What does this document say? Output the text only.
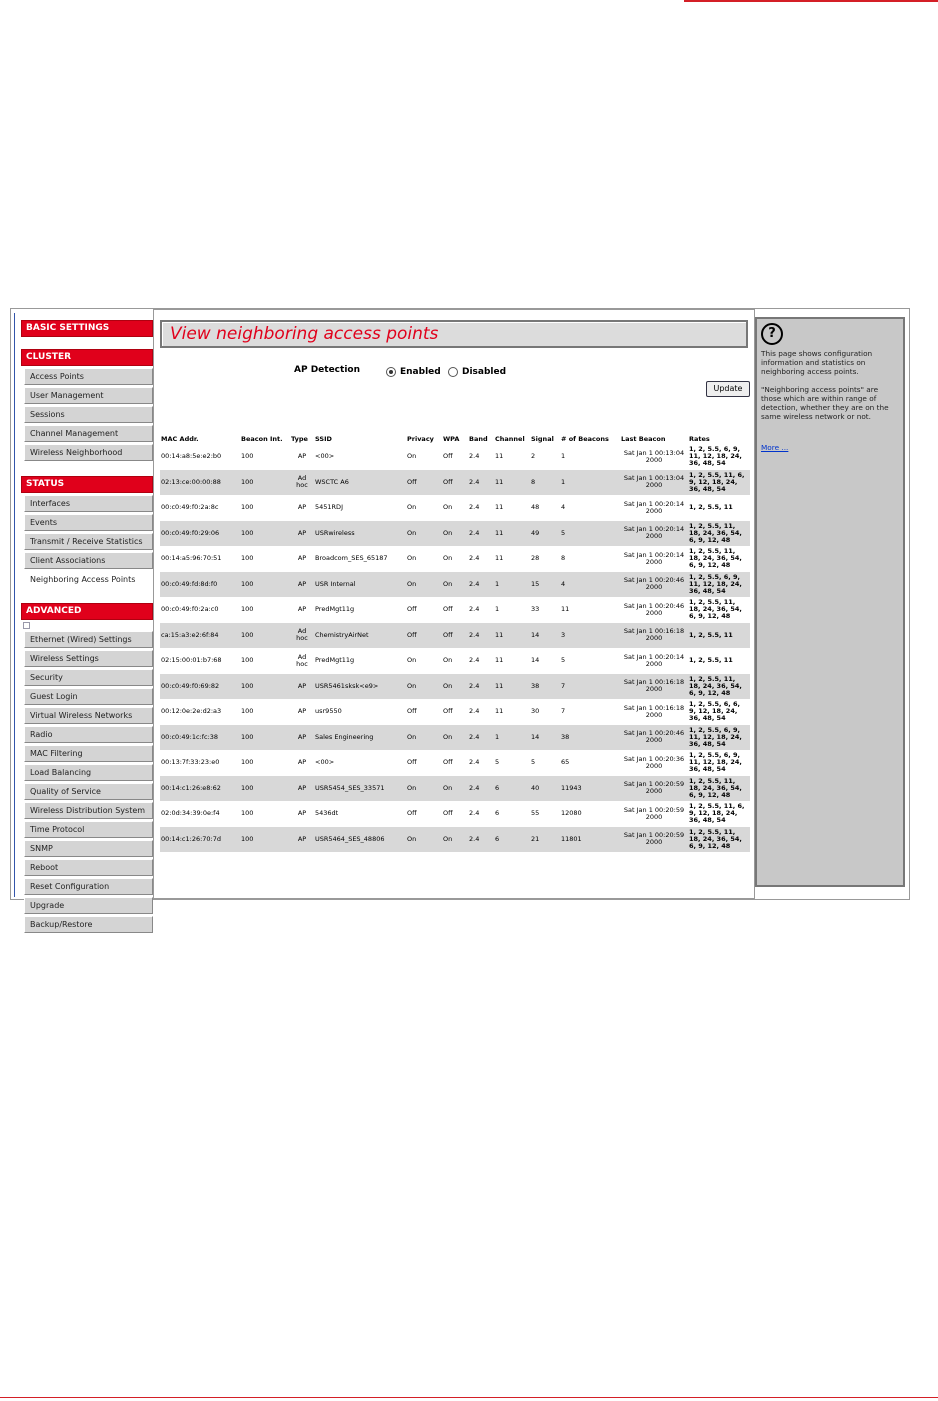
BASIC SETTINGS
CLUSTER
Access Points
User Management
Sessions
Channel Management
Wireless Neighborhood
STATUS
Interfaces
Events
Transmit / Receive Statistics
Client Associations
Neighboring Access Points
ADVANCED
Ethernet (Wired) Settings
Wireless Settings
Security
Guest Login
Virtual Wireless Networks
Radio
MAC Filtering
Load Balancing
Quality of Service
Wireless Distribution System
Time Protocol
SNMP
Reboot
Reset Configuration
Upgrade
Backup/Restore
View neighboring access points
AP Detection	Enabled Disabled
Update
MAC Addr.	Beacon Int.	Type	SSID	Privacy	WPA	Band	Channel	Signal	# of Beacons	Last Beacon	Rates
00:14:a8:5e:e2:b0	100	AP	<00>	On	Off	2.4	11	2	1	Sat Jan 1 00:13:04 2000	1, 2, 5.5, 6, 9, 11, 12, 18, 24, 36, 48, 54
02:13:ce:00:00:88	100	Ad hoc	WSCTC A6	Off	Off	2.4	11	8	1	Sat Jan 1 00:13:04 2000	1, 2, 5.5, 11, 6, 9, 12, 18, 24, 36, 48, 54
00:c0:49:f0:2a:8c	100	AP	5451RDJ	On	On	2.4	11	48	4	Sat Jan 1 00:20:14 2000	1, 2, 5.5, 11
00:c0:49:f0:29:06	100	AP	USRwireless	On	On	2.4	11	49	5	Sat Jan 1 00:20:14 2000	1, 2, 5.5, 11, 18, 24, 36, 54, 6, 9, 12, 48
00:14:a5:96:70:51	100	AP	Broadcom_SES_65187	On	On	2.4	11	28	8	Sat Jan 1 00:20:14 2000	1, 2, 5.5, 11, 18, 24, 36, 54, 6, 9, 12, 48
00:c0:49:fd:8d:f0	100	AP	USR Internal	On	On	2.4	1	15	4	Sat Jan 1 00:20:46 2000	1, 2, 5.5, 6, 9, 11, 12, 18, 24, 36, 48, 54
00:c0:49:f0:2a:c0	100	AP	PredMgt11g	Off	Off	2.4	1	33	11	Sat Jan 1 00:20:46 2000	1, 2, 5.5, 11, 18, 24, 36, 54, 6, 9, 12, 48
ca:15:a3:e2:6f:84	100	Ad hoc	ChemistryAirNet	Off	Off	2.4	11	14	3	Sat Jan 1 00:16:18 2000	1, 2, 5.5, 11
02:15:00:01:b7:68	100	Ad hoc	PredMgt11g	On	On	2.4	11	14	5	Sat Jan 1 00:20:14 2000	1, 2, 5.5, 11
00:c0:49:f0:69:82	100	AP	USR5461sksk<e9>	On	On	2.4	11	38	7	Sat Jan 1 00:16:18 2000	1, 2, 5.5, 11, 18, 24, 36, 54, 6, 9, 12, 48
00:12:0e:2e:d2:a3	100	AP	usr9550	Off	Off	2.4	11	30	7	Sat Jan 1 00:16:18 2000	1, 2, 5.5, 6, 6, 9, 12, 18, 24, 36, 48, 54
00:c0:49:1c:fc:38	100	AP	Sales Engineering	On	On	2.4	1	14	38	Sat Jan 1 00:20:46 2000	1, 2, 5.5, 6, 9, 11, 12, 18, 24, 36, 48, 54
00:13:7f:33:23:e0	100	AP	<00>	Off	Off	2.4	5	5	65	Sat Jan 1 00:20:36 2000	1, 2, 5.5, 6, 9, 11, 12, 18, 24, 36, 48, 54
00:14:c1:26:e8:62	100	AP	USR5454_SES_33571	On	On	2.4	6	40	11943	Sat Jan 1 00:20:59 2000	1, 2, 5.5, 11, 18, 24, 36, 54, 6, 9, 12, 48
02:0d:34:39:0e:f4	100	AP	5436dt	Off	Off	2.4	6	55	12080	Sat Jan 1 00:20:59 2000	1, 2, 5.5, 11, 6, 9, 12, 18, 24, 36, 48, 54
00:14:c1:26:70:7d	100	AP	USR5464_SES_48806	On	On	2.4	6	21	11801	Sat Jan 1 00:20:59 2000	1, 2, 5.5, 11, 18, 24, 36, 54, 6, 9, 12, 48
?

This page shows configuration information and statistics on neighboring access points.

"Neighboring access points" are those which are within range of detection, whether they are on the same wireless network or not.

More ...
